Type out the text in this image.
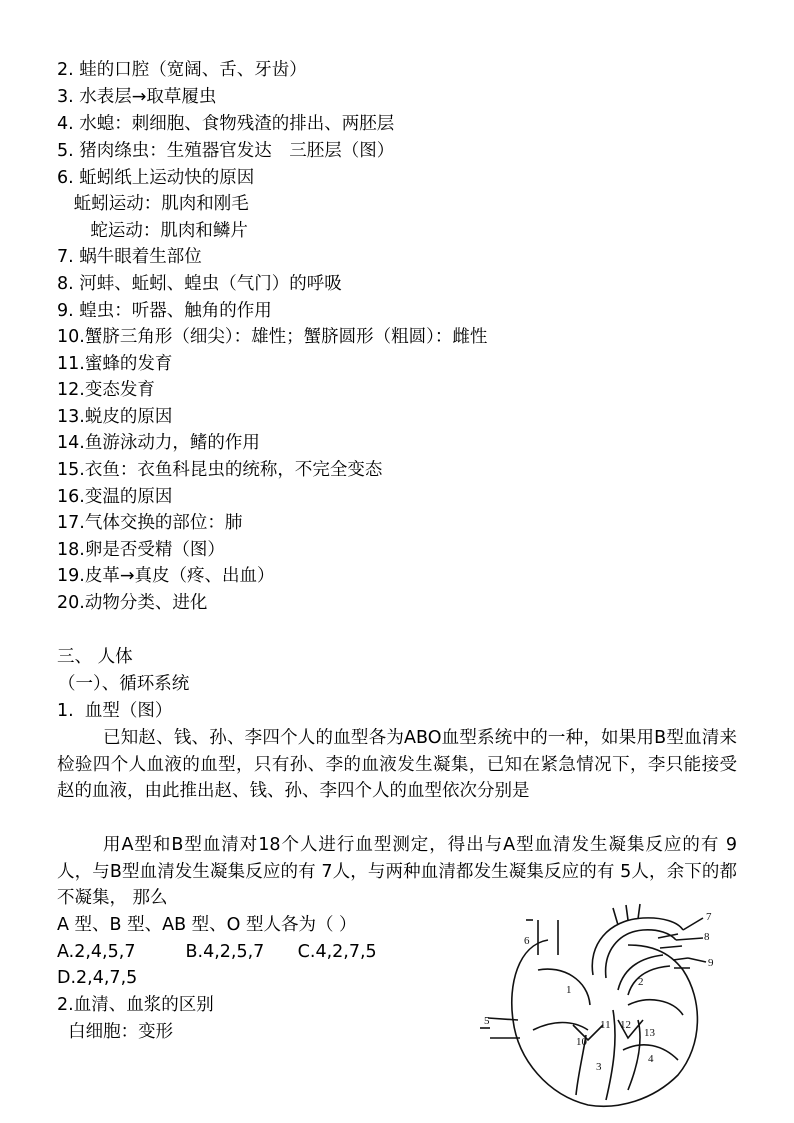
2. 蛙的口腔（宽阔、舌、牙齿）
3. 水表层→取草履虫
4. 水螅：刺细胞、食物残渣的排出、两胚层
5. 猪肉绦虫：生殖器官发达　三胚层（图）
6. 蚯蚓纸上运动快的原因
蚯蚓运动：肌肉和刚毛
蛇运动：肌肉和鳞片
7. 蜗牛眼着生部位
8. 河蚌、蚯蚓、蝗虫（气门）的呼吸
9. 蝗虫：听器、触角的作用
10.蟹脐三角形（细尖）：雄性；蟹脐圆形（粗圆）：雌性
11.蜜蜂的发育
12.变态发育
13.蜕皮的原因
14.鱼游泳动力，鳍的作用
15.衣鱼：衣鱼科昆虫的统称，不完全变态
16.变温的原因
17.气体交换的部位：肺
18.卵是否受精（图）
19.皮革→真皮（疼、出血）
20.动物分类、进化
三、 人体
（一）、循环系统
1.  血型（图）
已知赵、钱、孙、李四个人的血型各为ABO血型系统中的一种，如果用B型血清来检验四个人血液的血型，只有孙、李的血液发生凝集，已知在紧急情况下，李只能接受赵的血液，由此推出赵、钱、孙、李四个人的血型依次分别是
用A型和B型血清对18个人进行血型测定，得出与A型血清发生凝集反应的有 9人，与B型血清发生凝集反应的有 7人，与两种血清都发生凝集反应的有 5人，余下的都不凝集， 那么
A 型、B 型、AB 型、O 型人各为（ ）
A.2,4,5,7         B.4,2,5,7      C.4,2,7,5
D.2,4,7,5
2.血清、血浆的区别
白细胞：变形
1
2
3
4
5
6
7
8
9
10
11 12
13
